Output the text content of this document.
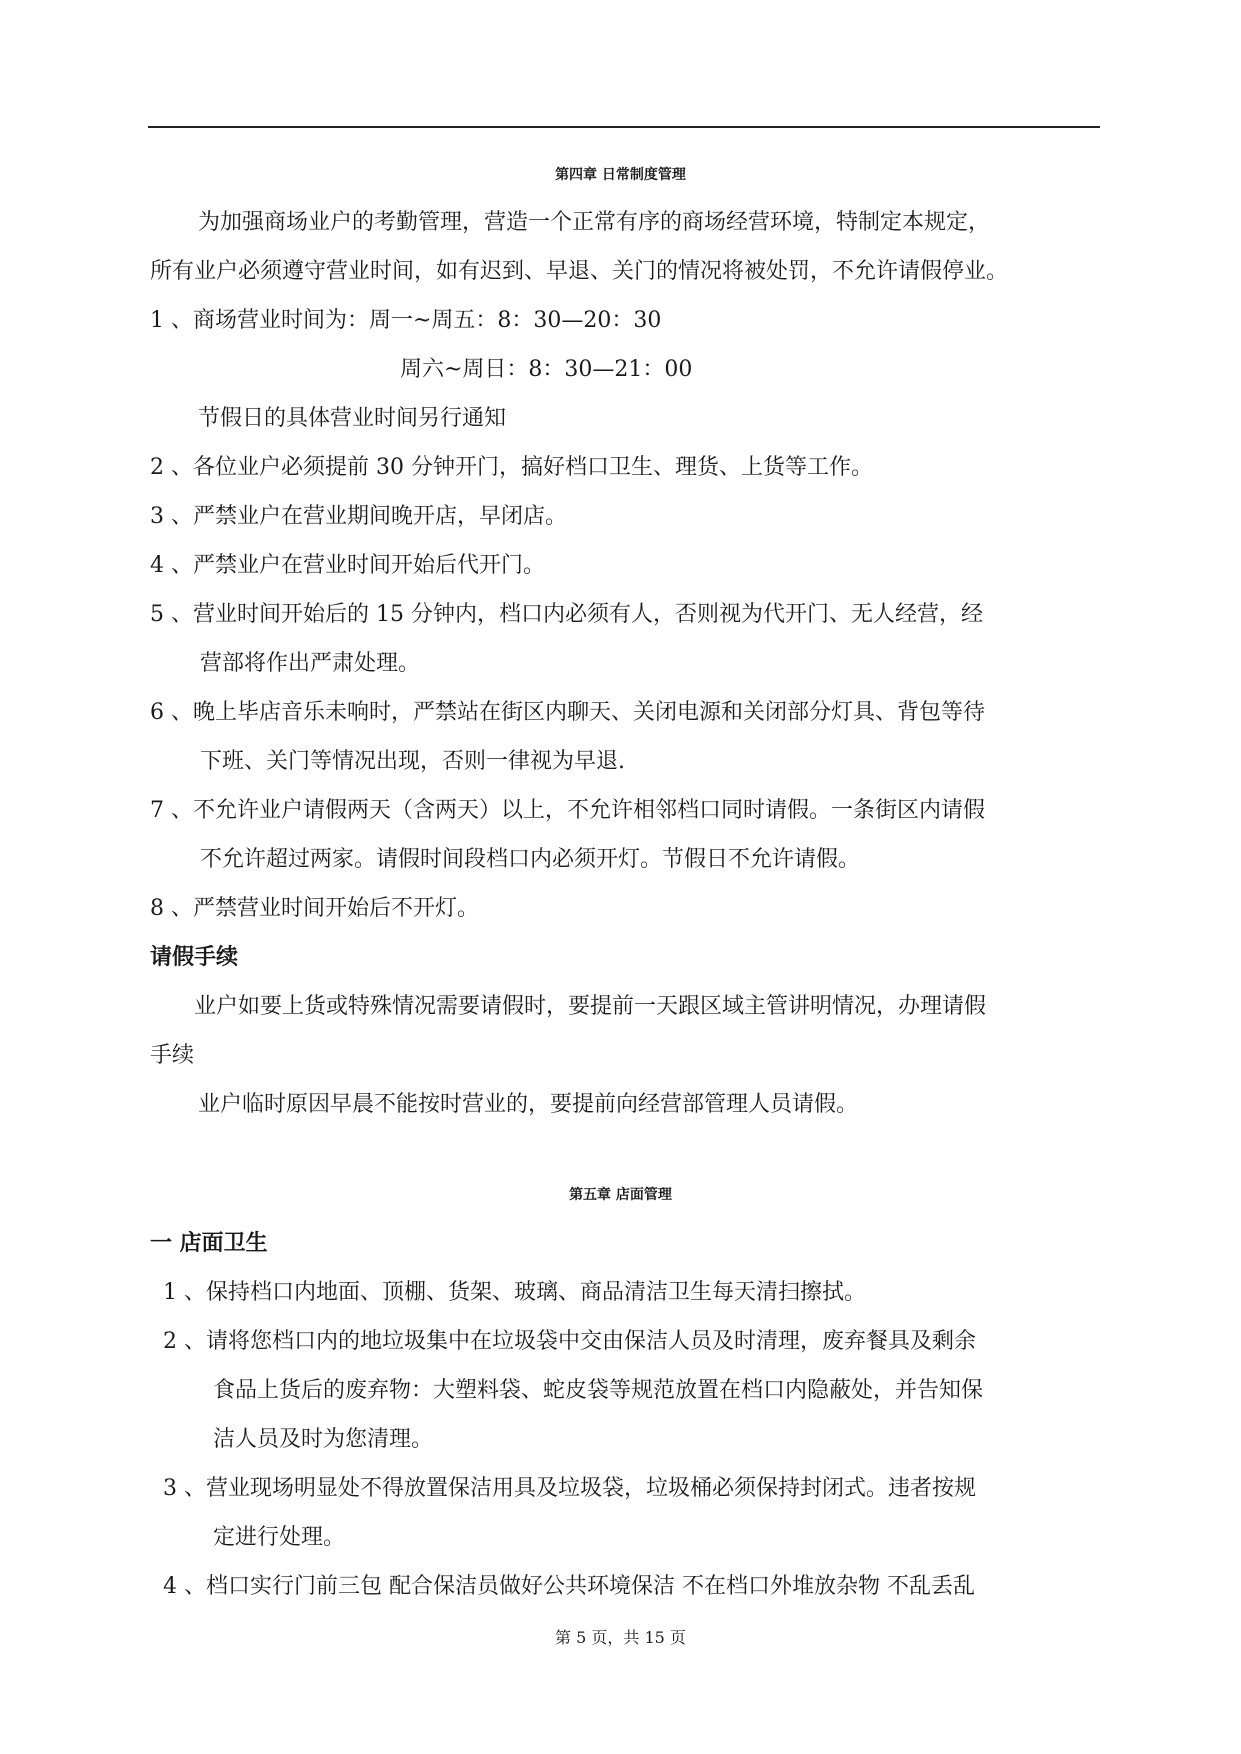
第四章 日常制度管理
为加强商场业户的考勤管理，营造一个正常有序的商场经营环境，特制定本规定，
所有业户必须遵守营业时间，如有迟到、早退、关门的情况将被处罚，不允许请假停业。
1 、商场营业时间为：周一~周五：8：30—20：30
周六~周日：8：30—21：00
节假日的具体营业时间另行通知
2 、各位业户必须提前 30 分钟开门，搞好档口卫生、理货、上货等工作。
3 、严禁业户在营业期间晚开店，早闭店。
4 、严禁业户在营业时间开始后代开门。
5 、营业时间开始后的 15 分钟内，档口内必须有人，否则视为代开门、无人经营，经
营部将作出严肃处理。
6 、晚上毕店音乐未响时，严禁站在街区内聊天、关闭电源和关闭部分灯具、背包等待
下班、关门等情况出现，否则一律视为早退.
7 、不允许业户请假两天（含两天）以上，不允许相邻档口同时请假。一条街区内请假
不允许超过两家。请假时间段档口内必须开灯。节假日不允许请假。
8 、严禁营业时间开始后不开灯。
请假手续
业户如要上货或特殊情况需要请假时，要提前一天跟区域主管讲明情况，办理请假
手续
业户临时原因早晨不能按时营业的，要提前向经营部管理人员请假。
第五章 店面管理
一 店面卫生
1 、保持档口内地面、顶棚、货架、玻璃、商品清洁卫生每天清扫擦拭。
2 、请将您档口内的地垃圾集中在垃圾袋中交由保洁人员及时清理，废弃餐具及剩余
食品上货后的废弃物：大塑料袋、蛇皮袋等规范放置在档口内隐蔽处，并告知保
洁人员及时为您清理。
3 、营业现场明显处不得放置保洁用具及垃圾袋，垃圾桶必须保持封闭式。违者按规
定进行处理。
4 、档口实行门前三包 配合保洁员做好公共环境保洁 不在档口外堆放杂物 不乱丢乱
第 5 页，共 15 页
